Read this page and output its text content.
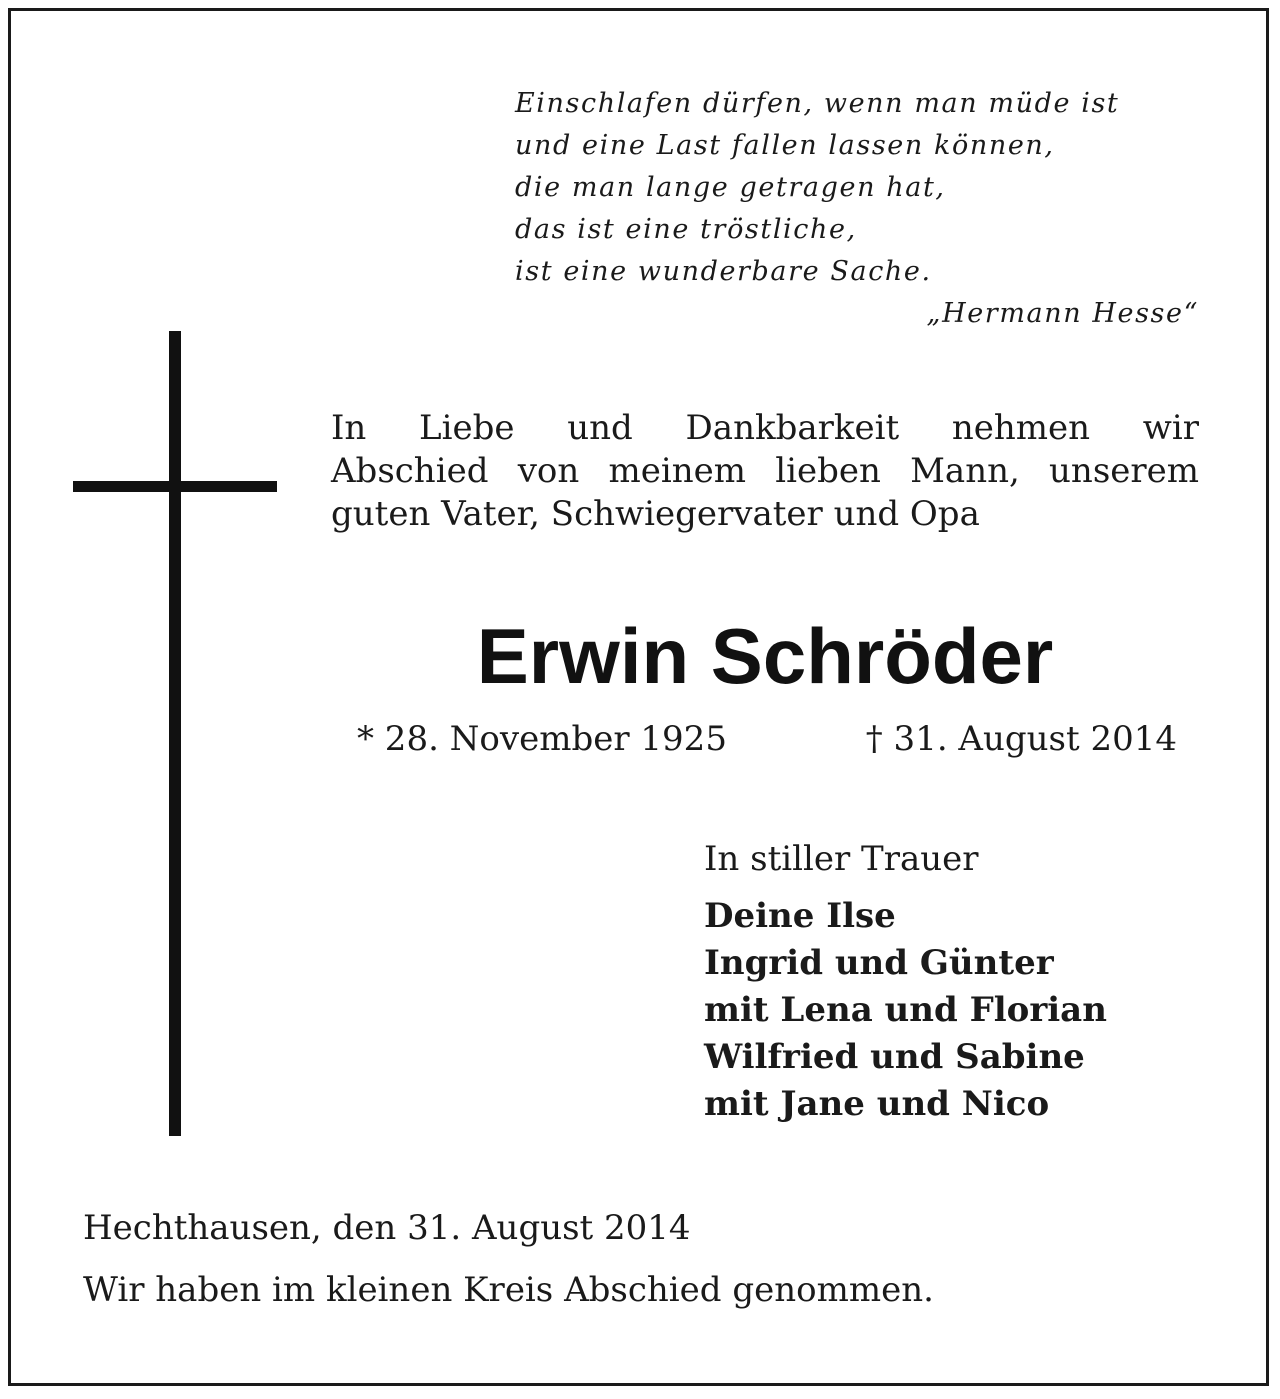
Einschlafen dürfen, wenn man müde ist
und eine Last fallen lassen können,
die man lange getragen hat,
das ist eine tröstliche,
ist eine wunderbare Sache.
„Hermann Hesse“
In Liebe und Dankbarkeit nehmen wir
Abschied von meinem lieben Mann, unserem
guten Vater, Schwiegervater und Opa
Erwin Schröder
* 28. November 1925	† 31. August 2014
In stiller Trauer
Deine Ilse
Ingrid und Günter
mit Lena und Florian
Wilfried und Sabine
mit Jane und Nico
Hechthausen, den 31. August 2014
Wir haben im kleinen Kreis Abschied genommen.
